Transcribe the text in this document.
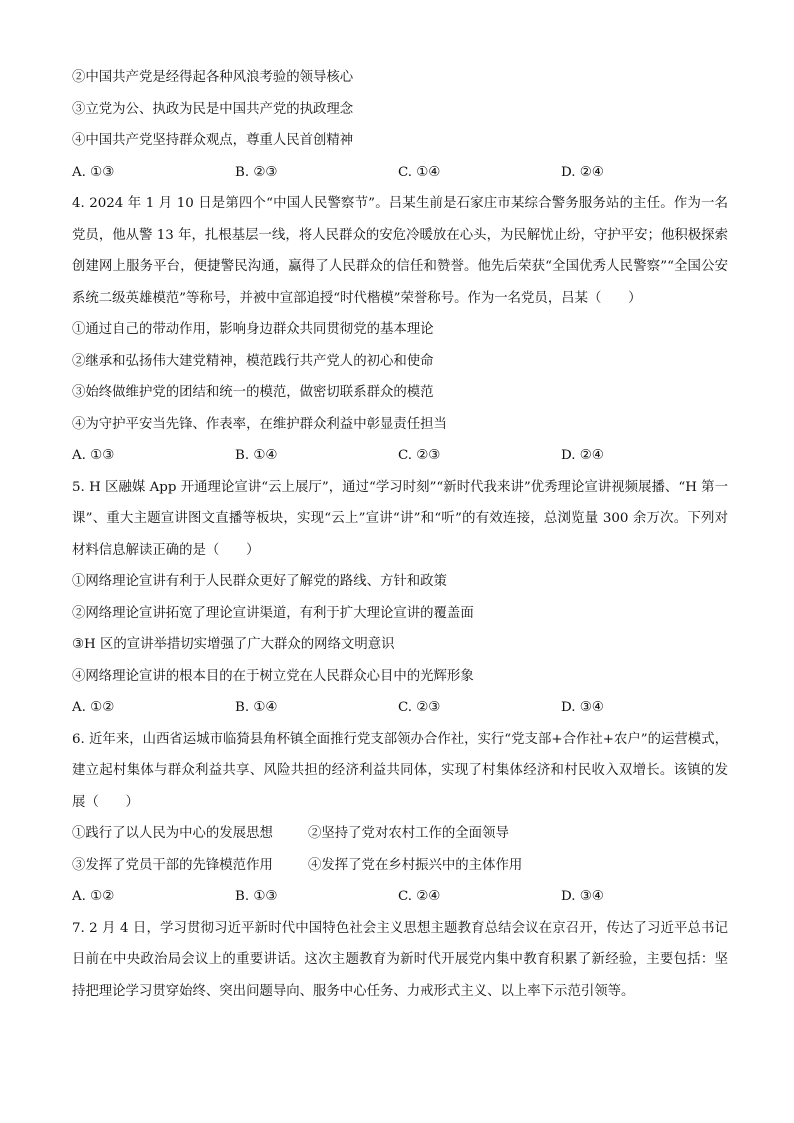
②中国共产党是经得起各种风浪考验的领导核心
③立党为公、执政为民是中国共产党的执政理念
④中国共产党坚持群众观点，尊重人民首创精神
A. ①③	B. ②③	C. ①④	D. ②④
4. 2024 年 1 月 10 日是第四个“中国人民警察节”。吕某生前是石家庄市某综合警务服务站的主任。作为一名党员，他从警 13 年，扎根基层一线，将人民群众的安危冷暖放在心头，为民解忧止纷，守护平安；他积极探索创建网上服务平台，便捷警民沟通，赢得了人民群众的信任和赞誉。他先后荣获“全国优秀人民警察”“全国公安系统二级英雄模范”等称号，并被中宣部追授“时代楷模”荣誉称号。作为一名党员，吕某（　　）
①通过自己的带动作用，影响身边群众共同贯彻党的基本理论
②继承和弘扬伟大建党精神，模范践行共产党人的初心和使命
③始终做维护党的团结和统一的模范，做密切联系群众的模范
④为守护平安当先锋、作表率，在维护群众利益中彰显责任担当
A. ①③	B. ①④	C. ②③	D. ②④
5. H 区融媒 App 开通理论宣讲“云上展厅”，通过“学习时刻”“新时代我来讲”优秀理论宣讲视频展播、“H 第一课”、重大主题宣讲图文直播等板块，实现“云上”宣讲“讲”和“听”的有效连接，总浏览量 300 余万次。下列对材料信息解读正确的是（　　）
①网络理论宣讲有利于人民群众更好了解党的路线、方针和政策
②网络理论宣讲拓宽了理论宣讲渠道，有利于扩大理论宣讲的覆盖面
③H 区的宣讲举措切实增强了广大群众的网络文明意识
④网络理论宣讲的根本目的在于树立党在人民群众心目中的光辉形象
A. ①②	B. ①④	C. ②③	D. ③④
6. 近年来，山西省运城市临猗县角杯镇全面推行党支部领办合作社，实行“党支部+合作社+农户”的运营模式，建立起村集体与群众利益共享、风险共担的经济利益共同体，实现了村集体经济和村民收入双增长。该镇的发展（　　）
①践行了以人民为中心的发展思想	②坚持了党对农村工作的全面领导
③发挥了党员干部的先锋模范作用	④发挥了党在乡村振兴中的主体作用
A. ①②	B. ①③	C. ②④	D. ③④
7. 2 月 4 日，学习贯彻习近平新时代中国特色社会主义思想主题教育总结会议在京召开，传达了习近平总书记日前在中央政治局会议上的重要讲话。这次主题教育为新时代开展党内集中教育积累了新经验，主要包括：坚持把理论学习贯穿始终、突出问题导向、服务中心任务、力戒形式主义、以上率下示范引领等。
